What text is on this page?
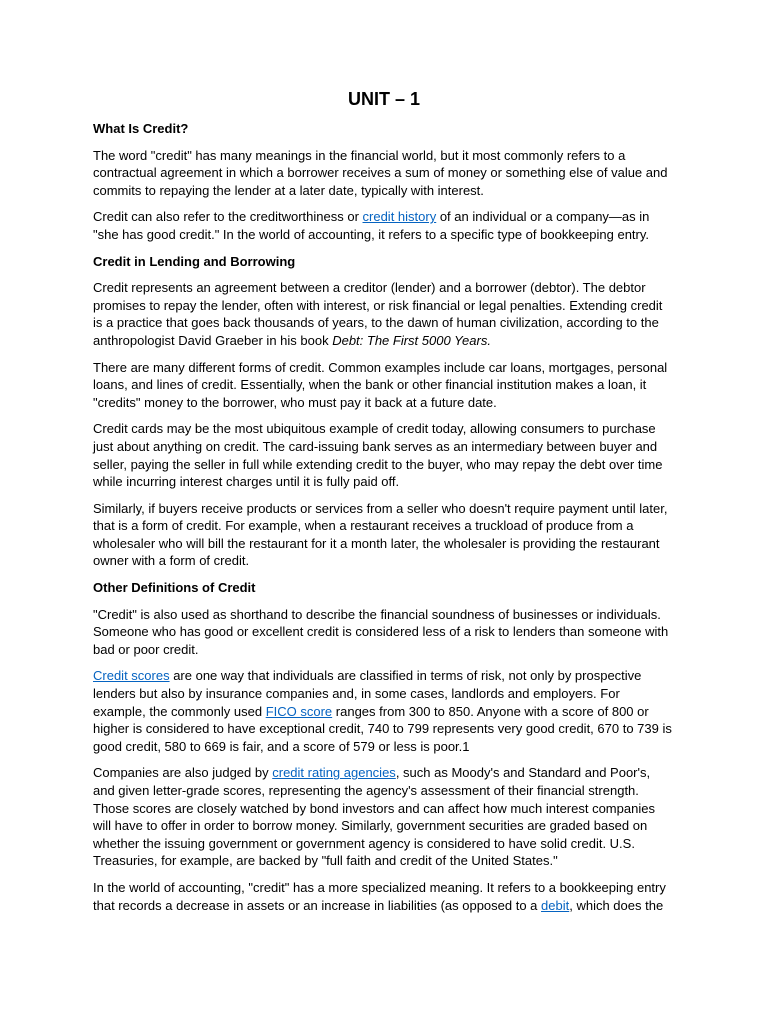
UNIT – 1
What Is Credit?

The word "credit" has many meanings in the financial world, but it most commonly refers to a contractual agreement in which a borrower receives a sum of money or something else of value and commits to repaying the lender at a later date, typically with interest.

Credit can also refer to the creditworthiness or credit history of an individual or a company—as in "she has good credit." In the world of accounting, it refers to a specific type of bookkeeping entry.

Credit in Lending and Borrowing

Credit represents an agreement between a creditor (lender) and a borrower (debtor). The debtor promises to repay the lender, often with interest, or risk financial or legal penalties. Extending credit is a practice that goes back thousands of years, to the dawn of human civilization, according to the anthropologist David Graeber in his book Debt: The First 5000 Years.

There are many different forms of credit. Common examples include car loans, mortgages, personal loans, and lines of credit. Essentially, when the bank or other financial institution makes a loan, it "credits" money to the borrower, who must pay it back at a future date.

Credit cards may be the most ubiquitous example of credit today, allowing consumers to purchase just about anything on credit. The card-issuing bank serves as an intermediary between buyer and seller, paying the seller in full while extending credit to the buyer, who may repay the debt over time while incurring interest charges until it is fully paid off.

Similarly, if buyers receive products or services from a seller who doesn't require payment until later, that is a form of credit. For example, when a restaurant receives a truckload of produce from a wholesaler who will bill the restaurant for it a month later, the wholesaler is providing the restaurant owner with a form of credit.

Other Definitions of Credit

"Credit" is also used as shorthand to describe the financial soundness of businesses or individuals. Someone who has good or excellent credit is considered less of a risk to lenders than someone with bad or poor credit.

Credit scores are one way that individuals are classified in terms of risk, not only by prospective lenders but also by insurance companies and, in some cases, landlords and employers. For example, the commonly used FICO score ranges from 300 to 850. Anyone with a score of 800 or higher is considered to have exceptional credit, 740 to 799 represents very good credit, 670 to 739 is good credit, 580 to 669 is fair, and a score of 579 or less is poor.1

Companies are also judged by credit rating agencies, such as Moody's and Standard and Poor's, and given letter-grade scores, representing the agency's assessment of their financial strength. Those scores are closely watched by bond investors and can affect how much interest companies will have to offer in order to borrow money. Similarly, government securities are graded based on whether the issuing government or government agency is considered to have solid credit. U.S. Treasuries, for example, are backed by "full faith and credit of the United States."

In the world of accounting, "credit" has a more specialized meaning. It refers to a bookkeeping entry that records a decrease in assets or an increase in liabilities (as opposed to a debit, which does the
